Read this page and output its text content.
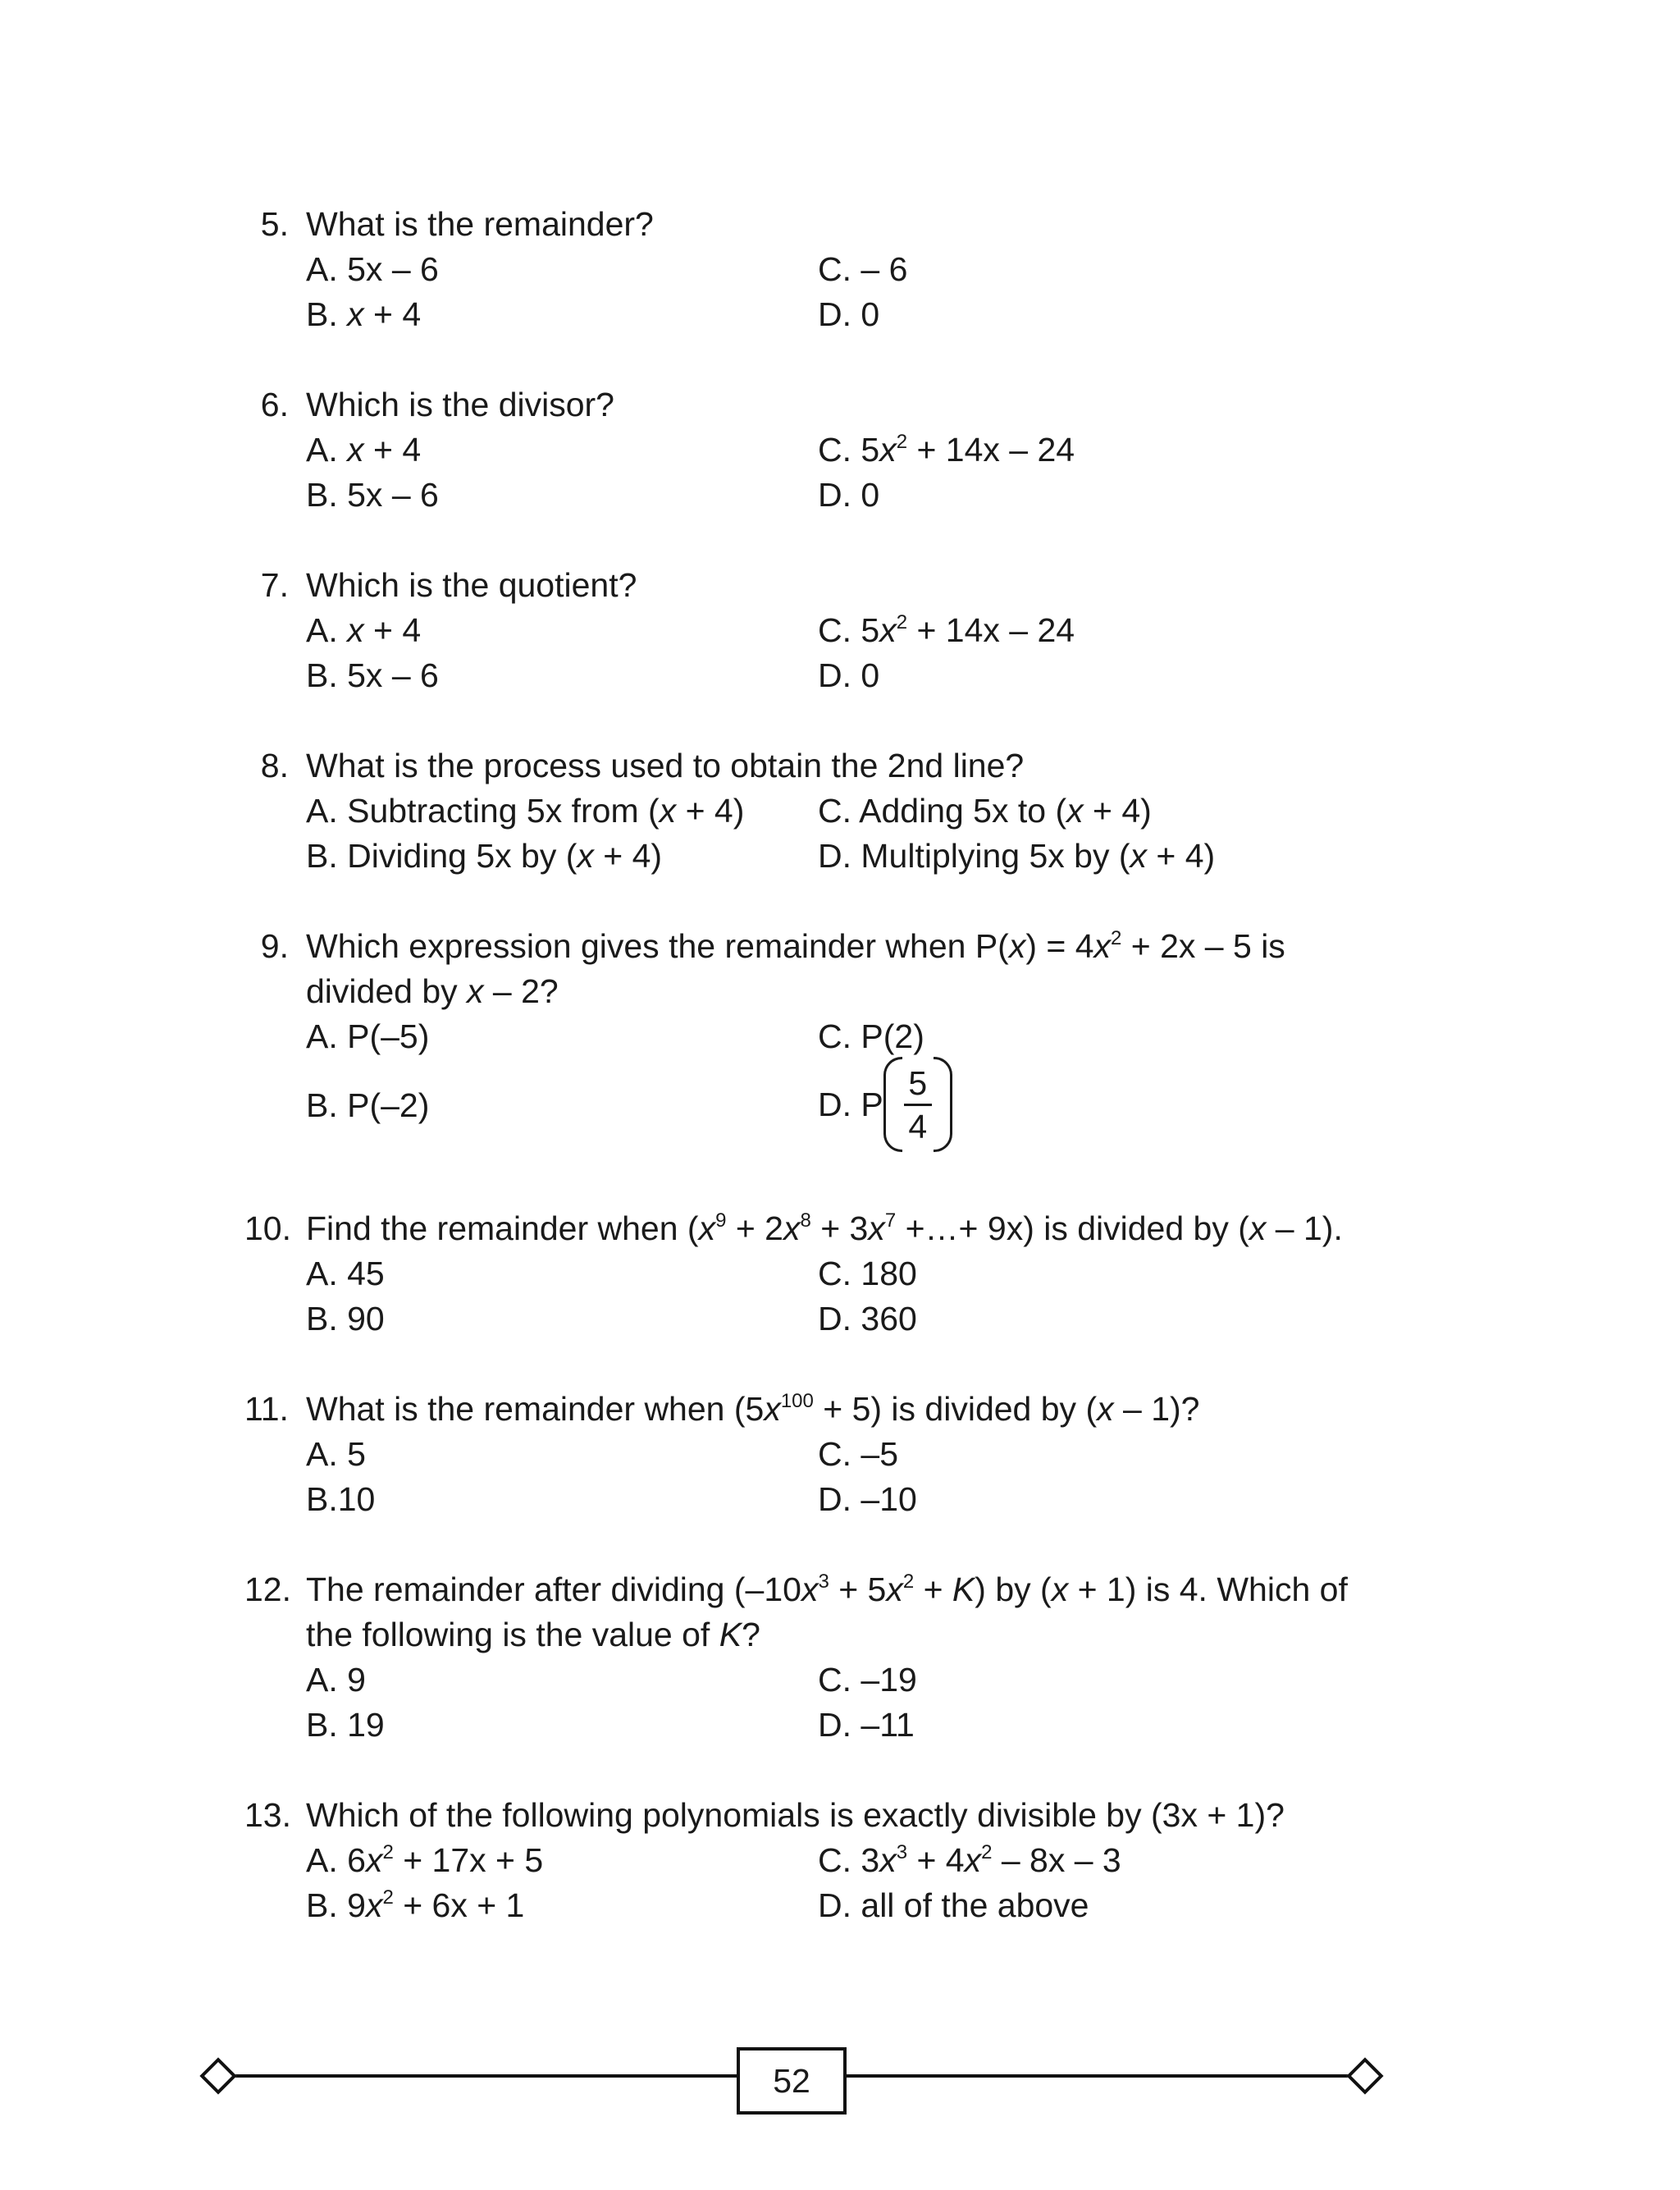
5. What is the remainder?
A. 5x – 6	C. – 6
B. x + 4	D. 0
6. Which is the divisor?
A. x + 4	C. $5x^2 + 14x - 24$
B. 5x – 6	D. 0
7. Which is the quotient?
A. x + 4	C. $5x^2 + 14x - 24$
B. 5x – 6	D. 0
8. What is the process used to obtain the 2nd line?
A. Subtracting 5x from (x + 4) C. Adding 5x to (x + 4)
B. Dividing 5x by (x + 4)	D. Multiplying 5x by (x + 4)
9. Which expression gives the remainder when $P(x) = 4x^2 + 2x - 5$ is
divided by x – 2?
A. P(–5)	C. P(2)
B. P(–2)	D. P $\frac{5}{4}$
10. Find the remainder when ($x^9 + 2x^8 + 3x^7$ +…+ 9x) is divided by (x – 1).
A. 45	C. 180
B. 90	D. 360
11. What is the remainder when $(5x^{100} + 5)$ is divided by (x – 1)?
A. 5	C. –5
B.10	D. –10
12. The remainder after dividing $(-10x^3 + 5x^2 + K)$ by (x + 1) is 4. Which of
the following is the value of K?
A. 9	C. –19
B. 19	D. –11
13. Which of the following polynomials is exactly divisible by (3x + 1)?
A. $6x^2 + 17x + 5$	C. $3x^3 + 4x^2 - 8x - 3$
B. $9x^2 + 6x + 1$	D. all of the above
52
